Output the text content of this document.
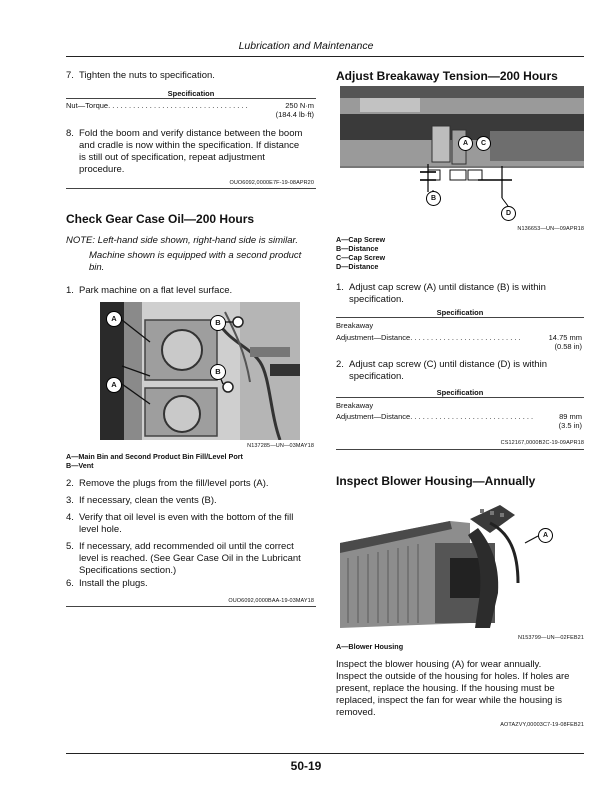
Lubrication and Maintenance
7. Tighten the nuts to specification.
Specification
Nut—Torque. . . . . . . . . . . . . . . . . . . . . . . . . . . . . . . . . .	250 N·m
(184.4 lb·ft)
8. Fold the boom and verify distance between the boom
and cradle is now within the specification. If distance
is still out of specification, repeat adjustment
procedure.
OUO6092,0000E7F-19-08APR20
Check Gear Case Oil—200 Hours
NOTE: Left-hand side shown, right-hand side is similar.
Machine shown is equipped with a second product
bin.
1. Park machine on a flat level surface.
A	B
B
A
N137285—UN—03MAY18
A—Main Bin and Second Product Bin Fill/Level Port
B—Vent
2. Remove the plugs from the fill/level ports (A).
3. If necessary, clean the vents (B).
4. Verify that oil level is even with the bottom of the fill
level hole.
5. If necessary, add recommended oil until the correct
level is reached. (See Gear Case Oil in the Lubricant
Specifications section.)
6. Install the plugs.
OUO6092,0000BAA-19-03MAY18
Adjust Breakaway Tension—200 Hours
A	C
B
D
N136653—UN—09APR18
A—Cap Screw
B—Distance
C—Cap Screw
D—Distance
1. Adjust cap screw (A) until distance (B) is within
specification.
Specification
Breakaway
Adjustment—Distance. . . . . . . . . . . . . . . . . . . . . . . . . . .	14.75 mm
(0.58 in)
2. Adjust cap screw (C) until distance (D) is within
specification.
Specification
Breakaway
Adjustment—Distance. . . . . . . . . . . . . . . . . . . . . . . . . . . . . .	89 mm
(3.5 in)
CS12167,0000B2C-19-09APR18
Inspect Blower Housing—Annually
A
N153799—UN—02FEB21
A—Blower Housing
Inspect the blower housing (A) for wear annually.
Inspect the outside of the housing for holes. If holes are
present, replace the housing. If the housing must be
replaced, inspect the fan for wear while the housing is
removed.
AOTAZVY,00003C7-19-08FEB21
50-19
